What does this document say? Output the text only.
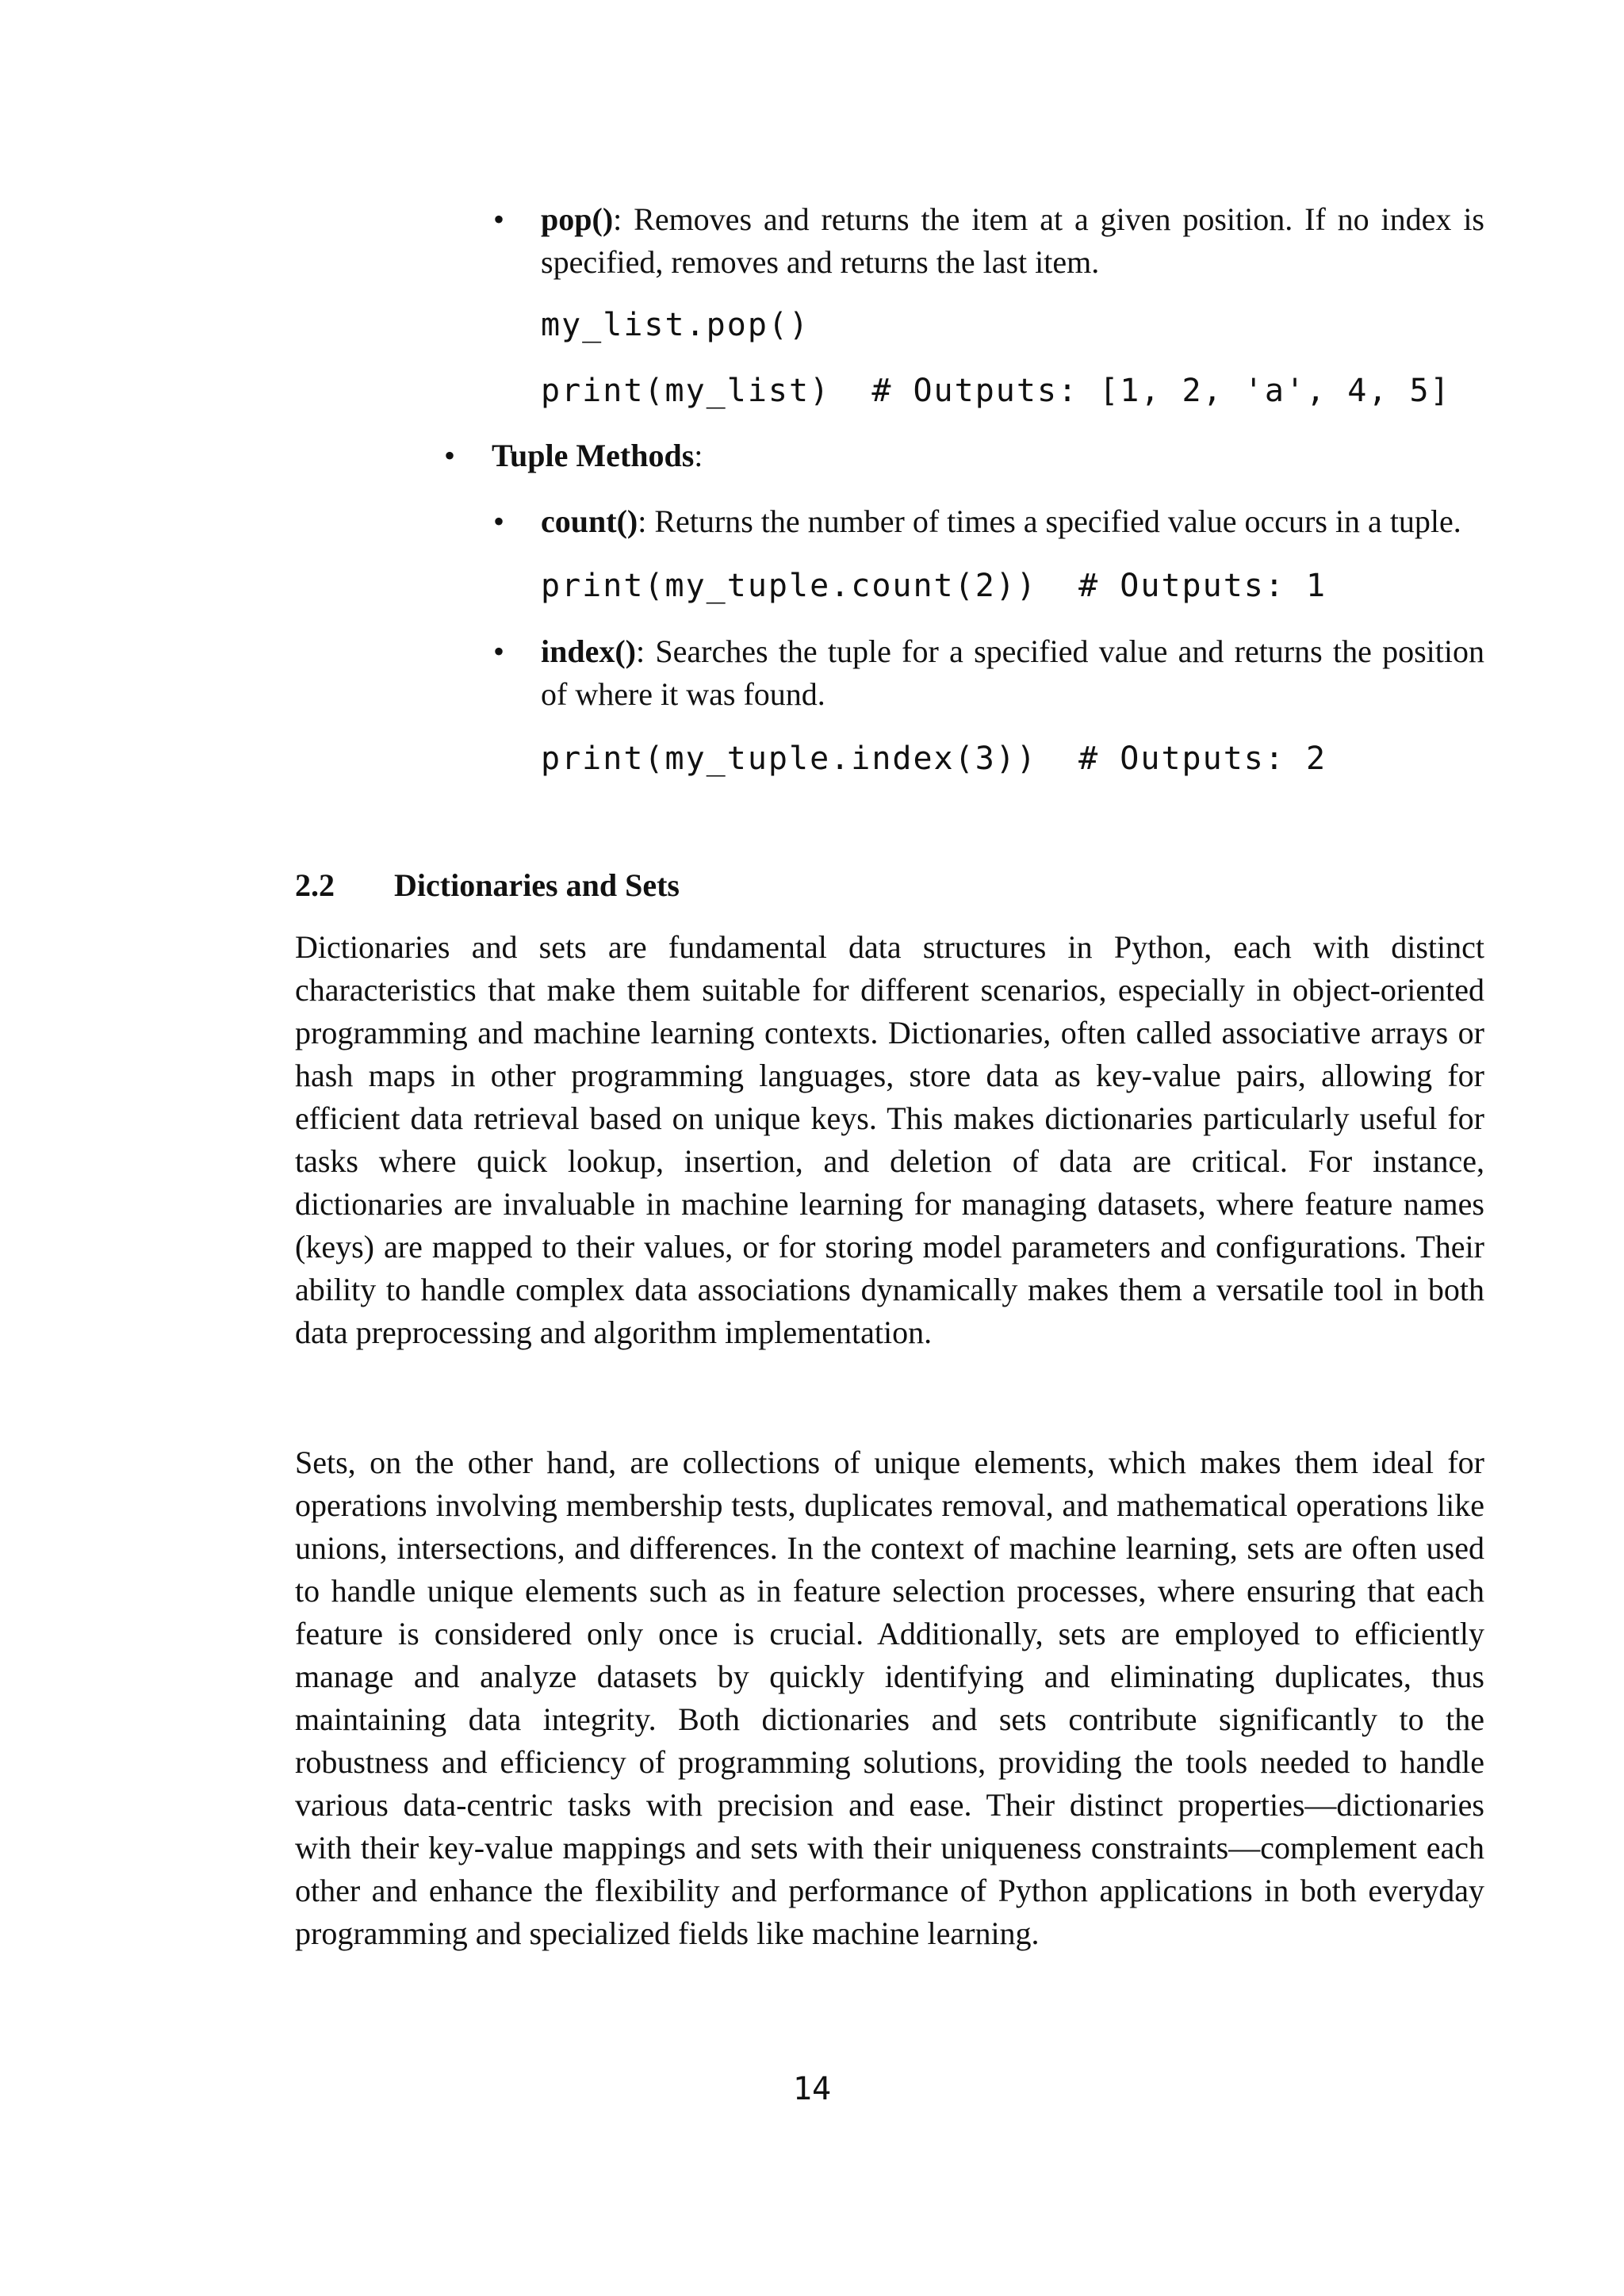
• pop(): Removes and returns the item at a given position. If no index is specified, removes and returns the last item.
my_list.pop()
print(my_list)  # Outputs: [1, 2, 'a', 4, 5]
• Tuple Methods:
• count(): Returns the number of times a specified value occurs in a tuple.
print(my_tuple.count(2))  # Outputs: 1
• index(): Searches the tuple for a specified value and returns the position of where it was found.
print(my_tuple.index(3))  # Outputs: 2
2.2 Dictionaries and Sets

Dictionaries and sets are fundamental data structures in Python, each with distinct characteristics that make them suitable for different scenarios, especially in object-oriented programming and machine learning contexts. Dictionaries, often called associative arrays or hash maps in other programming languages, store data as key-value pairs, allowing for efficient data retrieval based on unique keys. This makes dictionaries particularly useful for tasks where quick lookup, insertion, and deletion of data are critical. For instance, dictionaries are invaluable in machine learning for managing datasets, where feature names (keys) are mapped to their values, or for storing model parameters and configurations. Their ability to handle complex data associations dynamically makes them a versatile tool in both data preprocessing and algorithm implementation.

Sets, on the other hand, are collections of unique elements, which makes them ideal for operations involving membership tests, duplicates removal, and mathematical operations like unions, intersections, and differences. In the context of machine learning, sets are often used to handle unique elements such as in feature selection processes, where ensuring that each feature is considered only once is crucial. Additionally, sets are employed to efficiently manage and analyze datasets by quickly identifying and eliminating duplicates, thus maintaining data integrity. Both dictionaries and sets contribute significantly to the robustness and efficiency of programming solutions, providing the tools needed to handle various data-centric tasks with precision and ease. Their distinct properties—dictionaries with their key-value mappings and sets with their uniqueness constraints—complement each other and enhance the flexibility and performance of Python applications in both everyday programming and specialized fields like machine learning.

14
